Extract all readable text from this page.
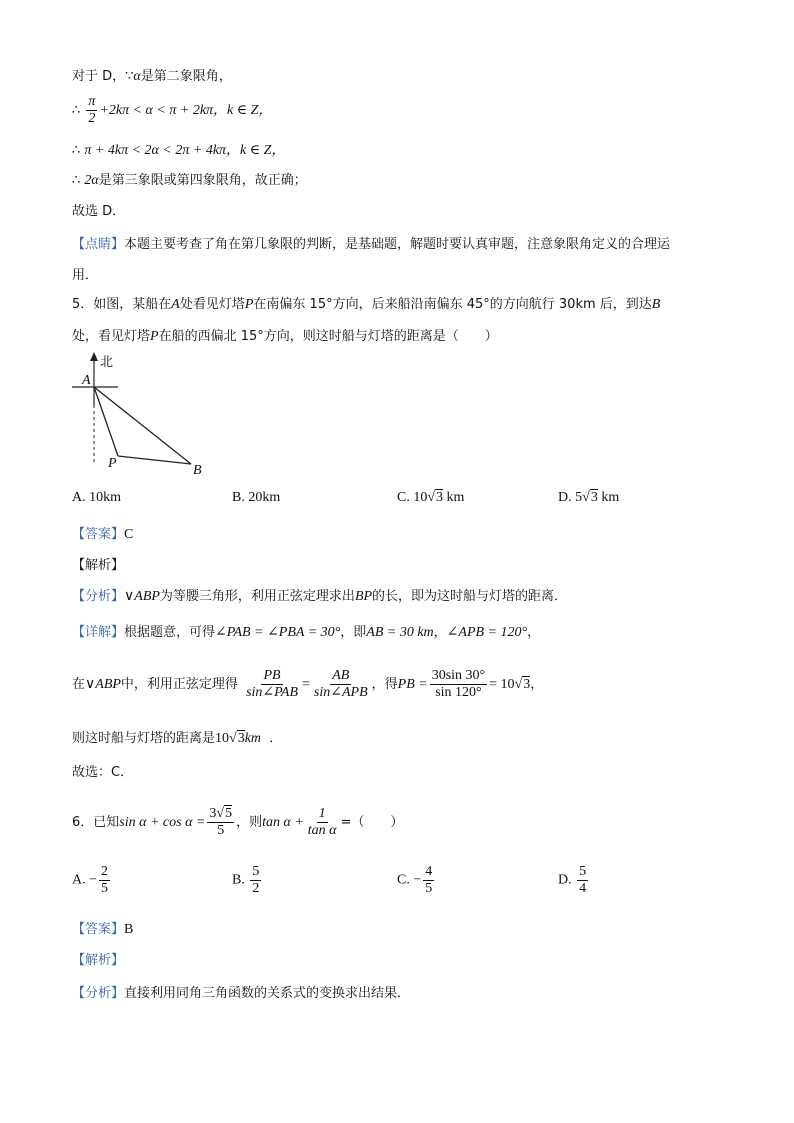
对于 D，∵α是第二象限角，
∴ $\frac{\pi}{2} +2k\pi < \alpha < \pi + 2k\pi$，k ∈ Z，
∴ π + 4kπ < 2α < 2π + 4kπ，k ∈ Z，
∴ 2α是第三象限或第四象限角，故正确；
故选 D．
【点睛】本题主要考查了角在第几象限的判断，是基础题，解题时要认真审题，注意象限角定义的合理运
用．
5．如图，某船在A处看见灯塔P在南偏东 15°方向，后来船沿南偏东 45°的方向航行 30km 后，到达B
处，看见灯塔P在船的西偏北 15°方向，则这时船与灯塔的距离是（　　）
北
A
P	B
A. 10km	B. 20km	C. 10√3 km	D. 5√3 km
【答案】C
【解析】
【分析】∨ABP为等腰三角形，利用正弦定理求出BP的长，即为这时船与灯塔的距离．
【详解】根据题意，可得∠PAB = ∠PBA = 30°，即AB = 30 km，∠APB = 120°，
在∨ABP中，利用正弦定理得 $\frac{PB}{\text{sin∠PAB}} = \frac{AB}{\text{sin∠APB}}$ ，得PB = $\frac{30\sin 30^\circ}{\sin 120^\circ} = 10√3$，
则这时船与灯塔的距离是10√3km ．
故选：C．
6．已知$\sin \alpha + \cos \alpha = \frac{3√5}{5}$ ，则$\tan \alpha + \frac{1}{\text{tan α}}$ =（　　）
A. − $\frac{2}{5}$	B. $\frac{5}{2}$	C. − $\frac{4}{5}$	D. $\frac{5}{4}$
【答案】B
【解析】
【分析】直接利用同角三角函数的关系式的变换求出结果．
